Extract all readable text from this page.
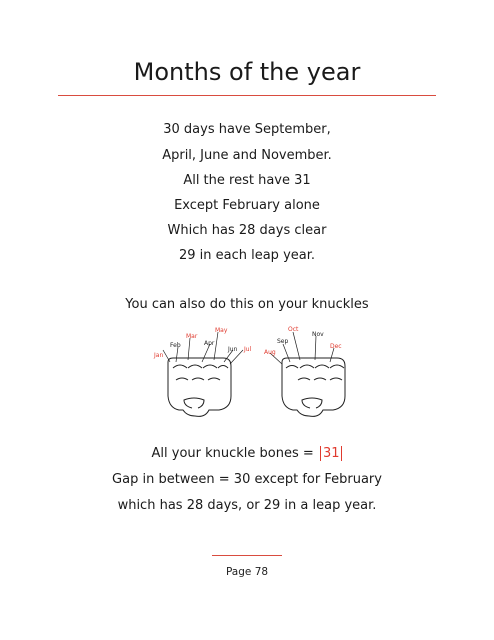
Months of the year
30 days have September,
April, June and November.
All the rest have 31
Except February alone
Which has 28 days clear
29 in each leap year.
You can also do this on your knuckles
Jan
Feb
Mar
Apr
May
Jun Jul Aug
Sep
Oct
Nov
Dec
All your knuckle bones = 31
Gap in between = 30 except for February
which has 28 days, or 29 in a leap year.
Page 78
